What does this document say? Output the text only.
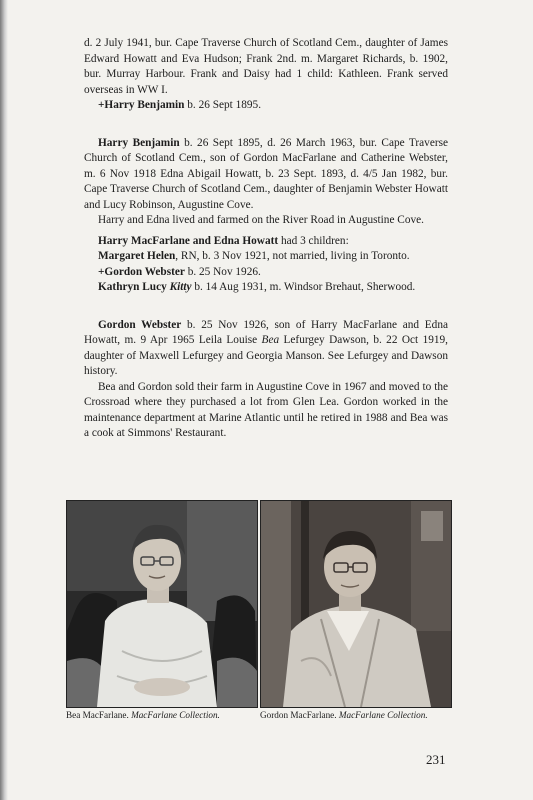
d. 2 July 1941, bur. Cape Traverse Church of Scotland Cem., daughter of James Edward Howatt and Eva Hudson; Frank 2nd. m. Margaret Richards, b. 1902, bur. Murray Harbour. Frank and Daisy had 1 child: Kathleen. Frank served overseas in WW I.

+Harry Benjamin b. 26 Sept 1895.

Harry Benjamin b. 26 Sept 1895, d. 26 March 1963, bur. Cape Traverse Church of Scotland Cem., son of Gordon MacFarlane and Catherine Webster, m. 6 Nov 1918 Edna Abigail Howatt, b. 23 Sept. 1893, d. 4/5 Jan 1982, bur. Cape Traverse Church of Scotland Cem., daughter of Benjamin Webster Howatt and Lucy Robinson, Augustine Cove.

Harry and Edna lived and farmed on the River Road in Augustine Cove.

Harry MacFarlane and Edna Howatt had 3 children:

Margaret Helen, RN, b. 3 Nov 1921, not married, living in Toronto.

+Gordon Webster b. 25 Nov 1926.

Kathryn Lucy Kitty b. 14 Aug 1931, m. Windsor Brehaut, Sherwood.

Gordon Webster b. 25 Nov 1926, son of Harry MacFarlane and Edna Howatt, m. 9 Apr 1965 Leila Louise Bea Lefurgey Dawson, b. 22 Oct 1919, daughter of Maxwell Lefurgey and Georgia Manson. See Lefurgey and Dawson history.

Bea and Gordon sold their farm in Augustine Cove in 1967 and moved to the Crossroad where they purchased a lot from Glen Lea. Gordon worked in the maintenance department at Marine Atlantic until he retired in 1988 and Bea was a cook at Simmons' Restaurant.

Bea MacFarlane. MacFarlane Collection.	Gordon MacFarlane. MacFarlane Collection.
231
